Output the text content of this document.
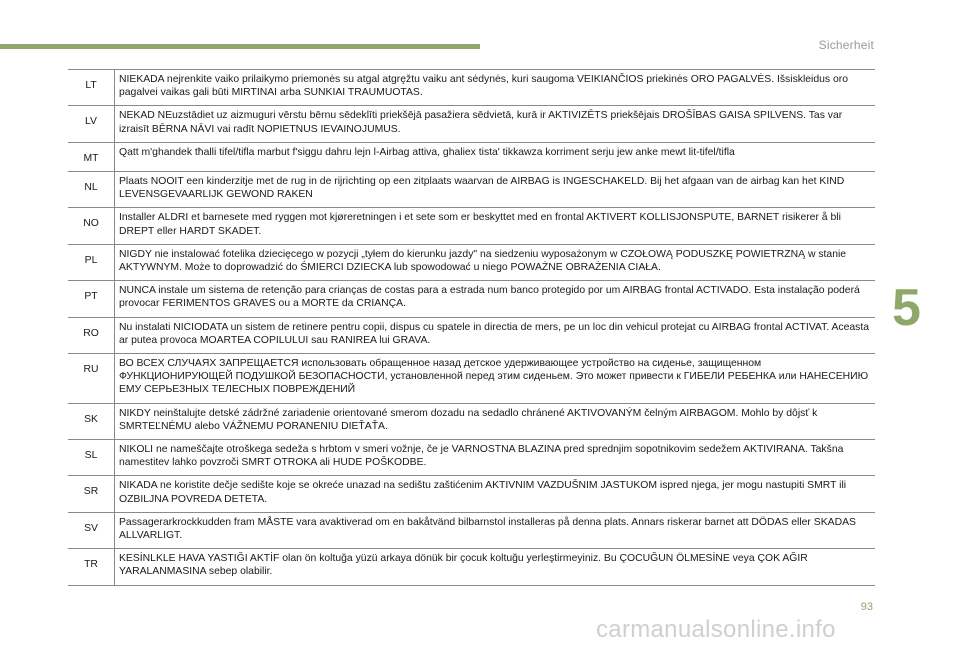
Sicherheit
LT	NIEKADA nejrenkite vaiko prilaikymo priemonės su atgal atgręžtu vaiku ant sėdynės, kuri saugoma VEIKIANČIOS priekinės ORO PAGALVĖS. Išsiskleidus oro pagalvei vaikas gali būti MIRTINAI arba SUNKIAI TRAUMUOTAS.
LV	NEKAD NEuzstādiet uz aizmuguri vērstu bērnu sēdeklīti priekšējā pasažiera sēdvietā, kurā ir AKTIVIZĒTS priekšējais DROŠĪBAS GAISA SPILVENS. Tas var izraisīt BĒRNA NĀVI vai radīt NOPIETNUS IEVAINOJUMUS.
MT	Qatt m'ghandek tħalli tifel/tifla marbut f'siggu dahru lejn l-Airbag attiva, ghaliex tista' tikkawza korriment serju jew anke mewt lit-tifel/tifla
NL	Plaats NOOIT een kinderzitje met de rug in de rijrichting op een zitplaats waarvan de AIRBAG is INGESCHAKELD. Bij het afgaan van de airbag kan het KIND LEVENSGEVAARLIJK GEWOND RAKEN
NO	Installer ALDRI et barnesete med ryggen mot kjøreretningen i et sete som er beskyttet med en frontal AKTIVERT KOLLISJONSPUTE, BARNET risikerer å bli DREPT eller HARDT SKADET.
PL	NIGDY nie instalować fotelika dziecięcego w pozycji „tyłem do kierunku jazdy" na siedzeniu wyposażonym w CZOŁOWĄ PODUSZKĘ POWIETRZNĄ w stanie AKTYWNYM. Może to doprowadzić do ŚMIERCI DZIECKA lub spowodować u niego POWAŻNE OBRAŻENIA CIAŁA.
PT	NUNCA instale um sistema de retenção para crianças de costas para a estrada num banco protegido por um AIRBAG frontal ACTIVADO. Esta instalação poderá provocar FERIMENTOS GRAVES ou a MORTE da CRIANÇA.
RO	Nu instalati NICIODATA un sistem de retinere pentru copii, dispus cu spatele in directia de mers, pe un loc din vehicul protejat cu AIRBAG frontal ACTIVAT. Aceasta ar putea provoca MOARTEA COPILULUI sau RANIREA lui GRAVA.
RU	ВО ВСЕХ СЛУЧАЯХ ЗАПРЕЩАЕТСЯ использовать обращенное назад детское удерживающее устройство на сиденье, защищенном ФУНКЦИОНИРУЮЩЕЙ ПОДУШКОЙ БЕЗОПАСНОСТИ, установленной перед этим сиденьем. Это может привести к ГИБЕЛИ РЕБЕНКА или НАНЕСЕНИЮ ЕМУ СЕРЬЕЗНЫХ ТЕЛЕСНЫХ ПОВРЕЖДЕНИЙ
SK	NIKDY neinštalujte detské zádržné zariadenie orientované smerom dozadu na sedadlo chránené AKTIVOVANÝM čelným AIRBAGOM. Mohlo by dôjsť k SMRTEĽNÉMU alebo VÁŽNEMU PORANENIU DIEŤAŤA.
SL	NIKOLI ne nameščajte otroškega sedeža s hrbtom v smeri vožnje, če je VARNOSTNA BLAZINA pred sprednjim sopotnikovim sedežem AKTIVIRANA. Takšna namestitev lahko povzroči SMRT OTROKA ali HUDE POŠKODBE.
SR	NIKADA ne koristite dečje sedište koje se okreće unazad na sedištu zaštićenim AKTIVNIM VAZDUŠNIM JASTUKOM ispred njega, jer mogu nastupiti SMRT ili OZBILJNA POVREDA DETETA.
SV	Passagerarkrockkudden fram MÅSTE vara avaktiverad om en bakåtvänd bilbarnstol installeras på denna plats. Annars riskerar barnet att DÖDAS eller SKADAS ALLVARLIGT.
TR	KESİNLKLE HAVA YASTIĞI AKTİF olan ön koltuğa yüzü arkaya dönük bir çocuk koltuğu yerleştirmeyiniz. Bu ÇOCUĞUN ÖLMESİNE veya ÇOK AĞIR YARALANMASINA sebep olabilir.
5
93
carmanualsonline.info
